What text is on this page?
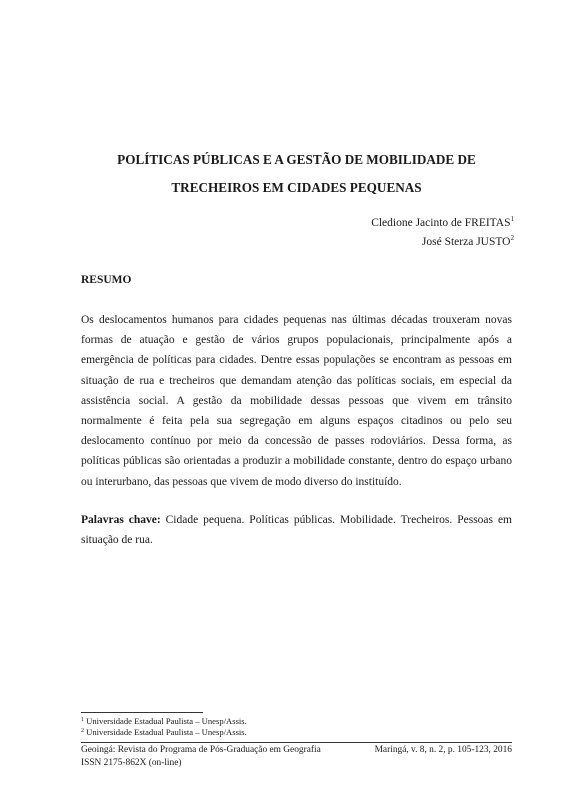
POLÍTICAS PÚBLICAS E A GESTÃO DE MOBILIDADE DE
TRECHEIROS EM CIDADES PEQUENAS
Cledione Jacinto de FREITAS$^1$
José Sterza JUSTO$^2$
RESUMO

Os deslocamentos humanos para cidades pequenas nas últimas décadas trouxeram novas formas de atuação e gestão de vários grupos populacionais, principalmente após a emergência de políticas para cidades. Dentre essas populações se encontram as pessoas em situação de rua e trecheiros que demandam atenção das políticas sociais, em especial da assistência social. A gestão da mobilidade dessas pessoas que vivem em trânsito normalmente é feita pela sua segregação em alguns espaços citadinos ou pelo seu deslocamento contínuo por meio da concessão de passes rodoviários. Dessa forma, as políticas públicas são orientadas a produzir a mobilidade constante, dentro do espaço urbano ou interurbano, das pessoas que vivem de modo diverso do instituído.

Palavras chave: Cidade pequena. Políticas públicas. Mobilidade. Trecheiros. Pessoas em situação de rua.

$^1$ Universidade Estadual Paulista – Unesp/Assis.
$^2$ Universidade Estadual Paulista – Unesp/Assis.
Geoingá: Revista do Programa de Pós-Graduação em Geografia	Maringá, v. 8, n. 2, p. 105-123, 2016
ISSN 2175-862X (on-line)
